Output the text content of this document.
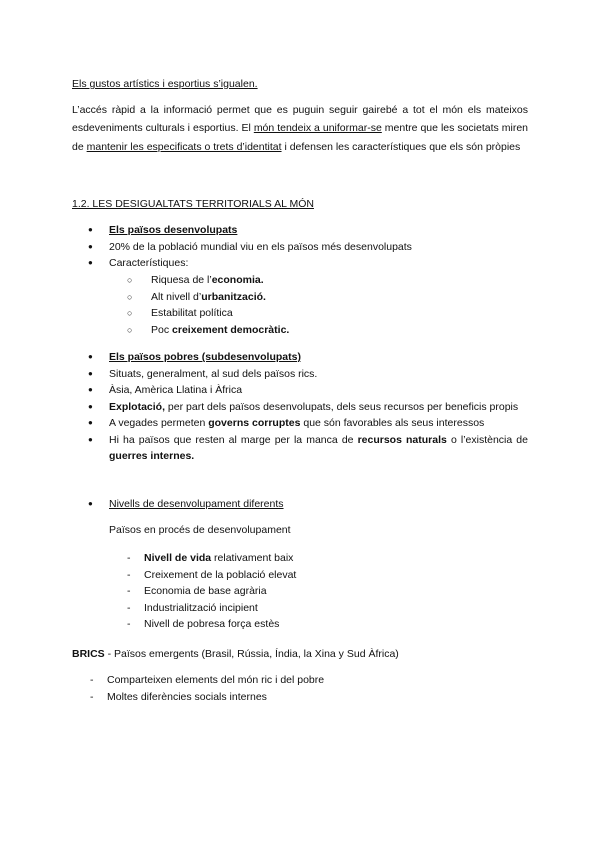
Els gustos artístics i esportius s’igualen.

L’accés ràpid a la informació permet que es puguin seguir gairebé a tot el món els mateixos esdeveniments culturals i esportius. El món tendeix a uniformar-se mentre que les societats miren de mantenir les especificats o trets d’identitat i defensen les característiques que els són pròpies

1.2. LES DESIGUALTATS TERRITORIALS AL MÓN

● Els països desenvolupats
● 20% de la població mundial viu en els països més desenvolupats
● Característiques:
○ Riquesa de l’economia.
○ Alt nivell d’urbanització.
○ Estabilitat política
○ Poc creixement democràtic.
● Els països pobres (subdesenvolupats)
● Situats, generalment, al sud dels països rics.
● Àsia, Amèrica Llatina i Àfrica
● Explotació, per part dels països desenvolupats, dels seus recursos per beneficis propis
● A vegades permeten governs corruptes que són favorables als seus interessos
● Hi ha països que resten al marge per la manca de recursos naturals o l’existència de guerres internes.
● Nivells de desenvolupament diferents

Països en procés de desenvolupament

- Nivell de vida relativament baix
- Creixement de la població elevat
- Economia de base agrària
- Industrialització incipient
- Nivell de pobresa força estès

BRICS - Països emergents (Brasil, Rússia, Índia, la Xina y Sud Àfrica)

- Comparteixen elements del món ric i del pobre
- Moltes diferències socials internes
